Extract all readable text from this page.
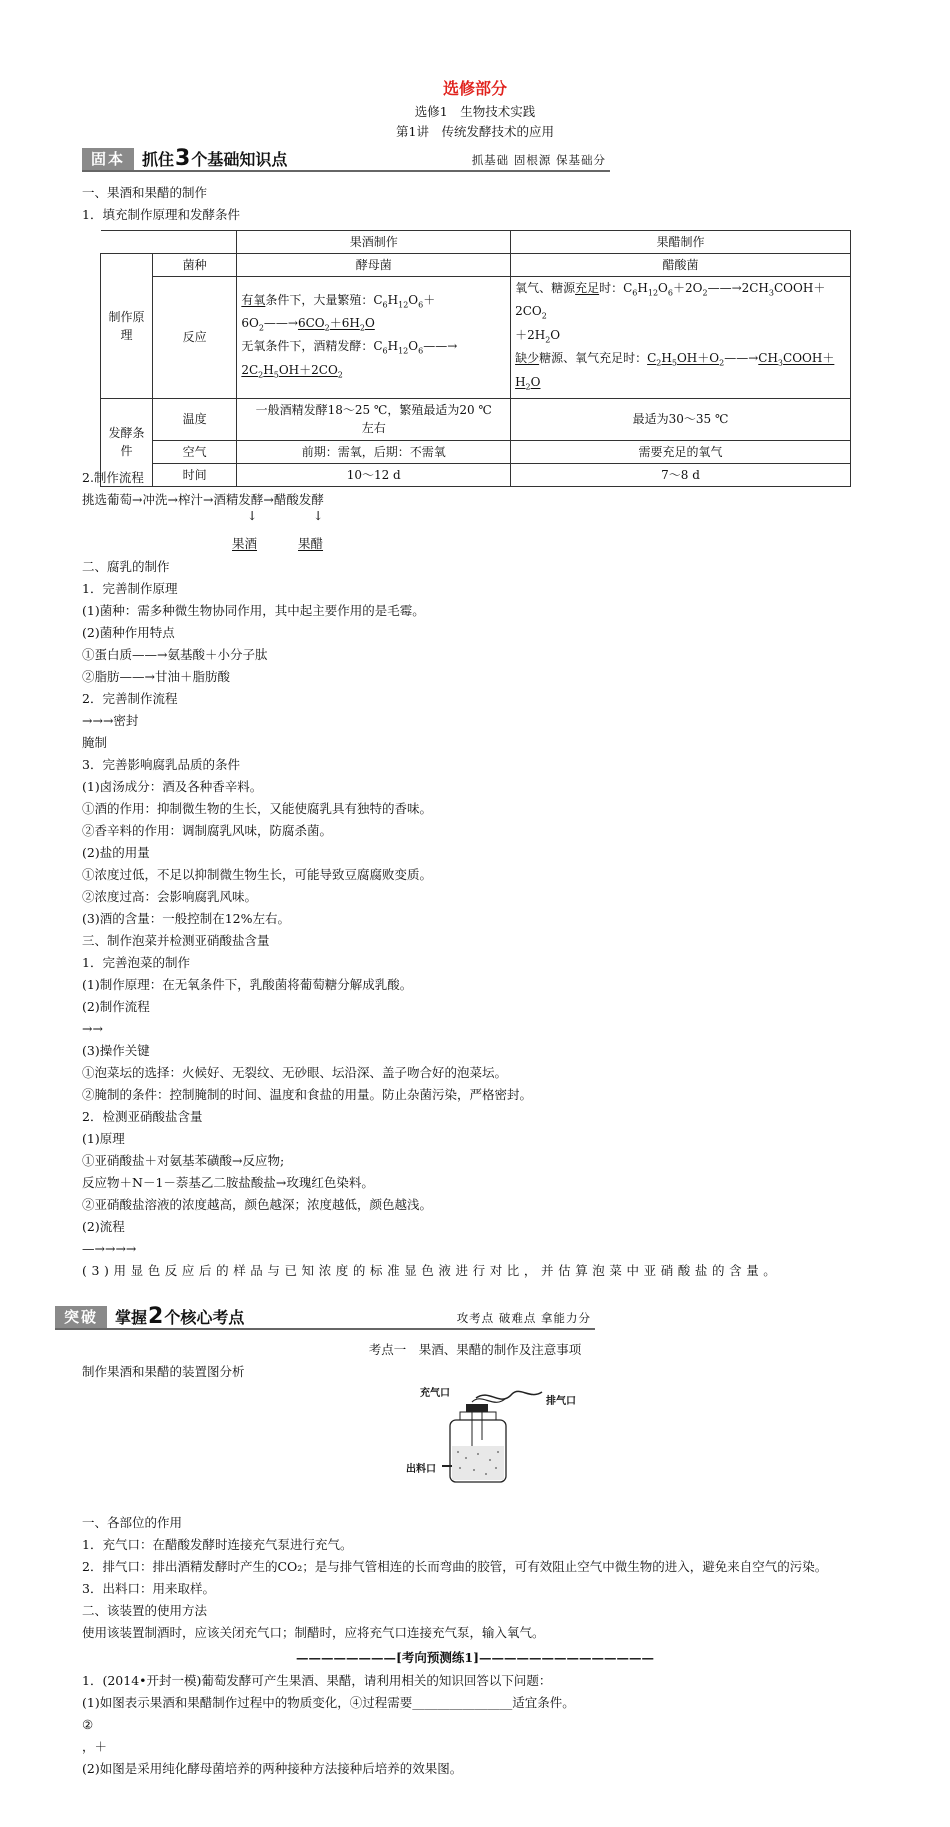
选修部分
选修1　生物技术实践
第1讲　传统发酵技术的应用
固本	抓住3个基础知识点	抓基础 固根源 保基础分
一、果酒和果醋的制作
1．填充制作原理和发酵条件
		果酒制作	果醋制作
制作原理	菌种	酵母菌	醋酸菌
	反应	有氧条件下，大量繁殖：$C_6H_{12}O_6+$
$6O_2——\to 6CO_2+6H_2O$
无氧条件下，酒精发酵：$C_6H_{12}O_6——\to$
$2C_2H_5OH+2CO_2$	氧气、糖源充足时：$C_6H_{12}O_6+2O_2——\to 2CH_3COOH+2CO_2$
$+2H_2O$
缺少糖源、氧气充足时：$C_2H_5OH+O_2——\to CH_3COOH+$
$H_2O$
发酵条件	温度	一般酒精发酵18～25 ℃，繁殖最适为20 ℃
左右	最适为30～35 ℃
	空气	前期：需氧，后期：不需氧	需要充足的氧气
	时间	10～12 d	7～8 d
2.制作流程
挑选葡萄→冲洗→榨汁→酒精发酵→醋酸发酵
↓	↓
果酒	果醋
二、腐乳的制作
1．完善制作原理
(1)菌种：需多种微生物协同作用，其中起主要作用的是毛霉。
(2)菌种作用特点
①蛋白质——→氨基酸＋小分子肽
②脂肪——→甘油＋脂肪酸
2．完善制作流程
→→→密封
腌制
3．完善影响腐乳品质的条件
(1)卤汤成分：酒及各种香辛料。
①酒的作用：抑制微生物的生长，又能使腐乳具有独特的香味。
②香辛料的作用：调制腐乳风味，防腐杀菌。
(2)盐的用量
①浓度过低，不足以抑制微生物生长，可能导致豆腐腐败变质。
②浓度过高：会影响腐乳风味。
(3)酒的含量：一般控制在12%左右。
三、制作泡菜并检测亚硝酸盐含量
1．完善泡菜的制作
(1)制作原理：在无氧条件下，乳酸菌将葡萄糖分解成乳酸。
(2)制作流程
→→
(3)操作关键
①泡菜坛的选择：火候好、无裂纹、无砂眼、坛沿深、盖子吻合好的泡菜坛。
②腌制的条件：控制腌制的时间、温度和食盐的用量。防止杂菌污染，严格密封。
2．检测亚硝酸盐含量
(1)原理
①亚硝酸盐＋对氨基苯磺酸→反应物;
反应物＋N－1－萘基乙二胺盐酸盐→玫瑰红色染料。
②亚硝酸盐溶液的浓度越高，颜色越深；浓度越低，颜色越浅。
(2)流程
—→→→→
(3)用显色反应后的样品与已知浓度的标准显色液进行对比，并估算泡菜中亚硝酸盐的含量。
突破	掌握2个核心考点	攻考点 破难点 拿能力分
考点一　果酒、果醋的制作及注意事项
制作果酒和果醋的装置图分析
充气口
排气口
出料口
一、各部位的作用
1．充气口：在醋酸发酵时连接充气泵进行充气。
2．排气口：排出酒精发酵时产生的CO₂；是与排气管相连的长而弯曲的胶管，可有效阻止空气中微生物的进入，避免来自空气的污染。
3．出料口：用来取样。
二、该装置的使用方法
使用该装置制酒时，应该关闭充气口；制醋时，应将充气口连接充气泵，输入氧气。
————————[考向预测练1]——————————————
1．(2014•开封一模)葡萄发酵可产生果酒、果醋，请利用相关的知识回答以下问题：
(1)如图表示果酒和果醋制作过程中的物质变化，④过程需要________________适宜条件。
②
，＋
(2)如图是采用纯化酵母菌培养的两种接种方法接种后培养的效果图。
